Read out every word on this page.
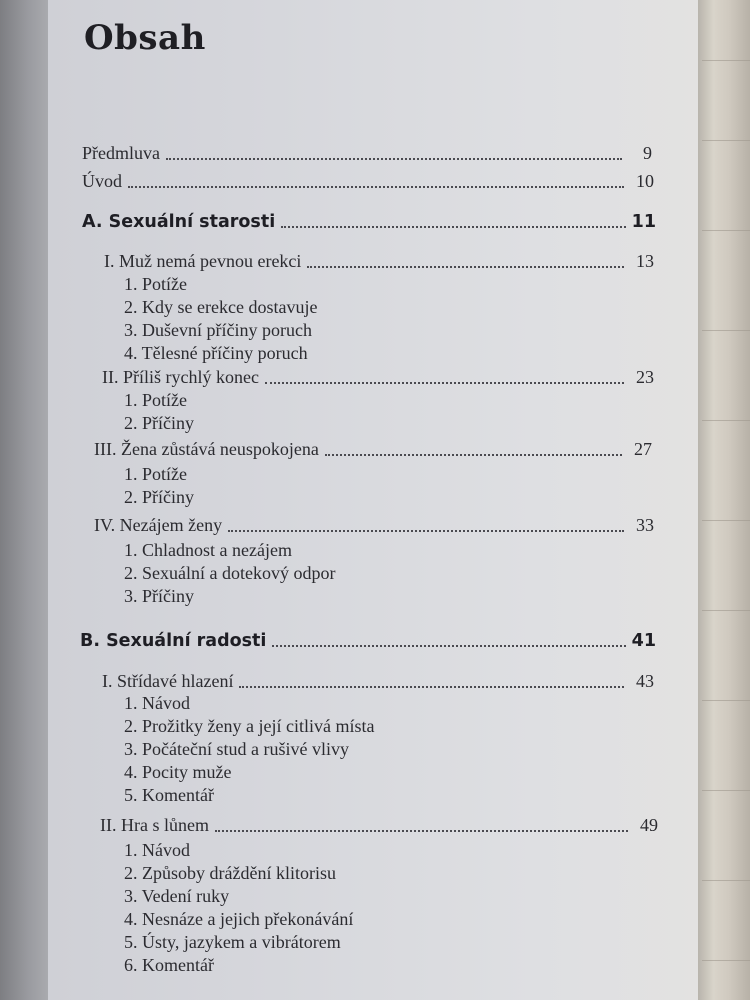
Obsah
Předmluva	9
Úvod	10
A. Sexuální starosti	11
I. Muž nemá pevnou erekci	13
1. Potíže
2. Kdy se erekce dostavuje
3. Duševní příčiny poruch
4. Tělesné příčiny poruch
II. Příliš rychlý konec	23
1. Potíže
2. Příčiny
III. Žena zůstává neuspokojena	27
1. Potíže
2. Příčiny
IV. Nezájem ženy	33
1. Chladnost a nezájem
2. Sexuální a dotekový odpor
3. Příčiny
B. Sexuální radosti	41
I. Střídavé hlazení	43
1. Návod
2. Prožitky ženy a její citlivá místa
3. Počáteční stud a rušivé vlivy
4. Pocity muže
5. Komentář
II. Hra s lůnem	49
1. Návod
2. Způsoby dráždění klitorisu
3. Vedení ruky
4. Nesnáze a jejich překonávání
5. Ústy, jazykem a vibrátorem
6. Komentář
